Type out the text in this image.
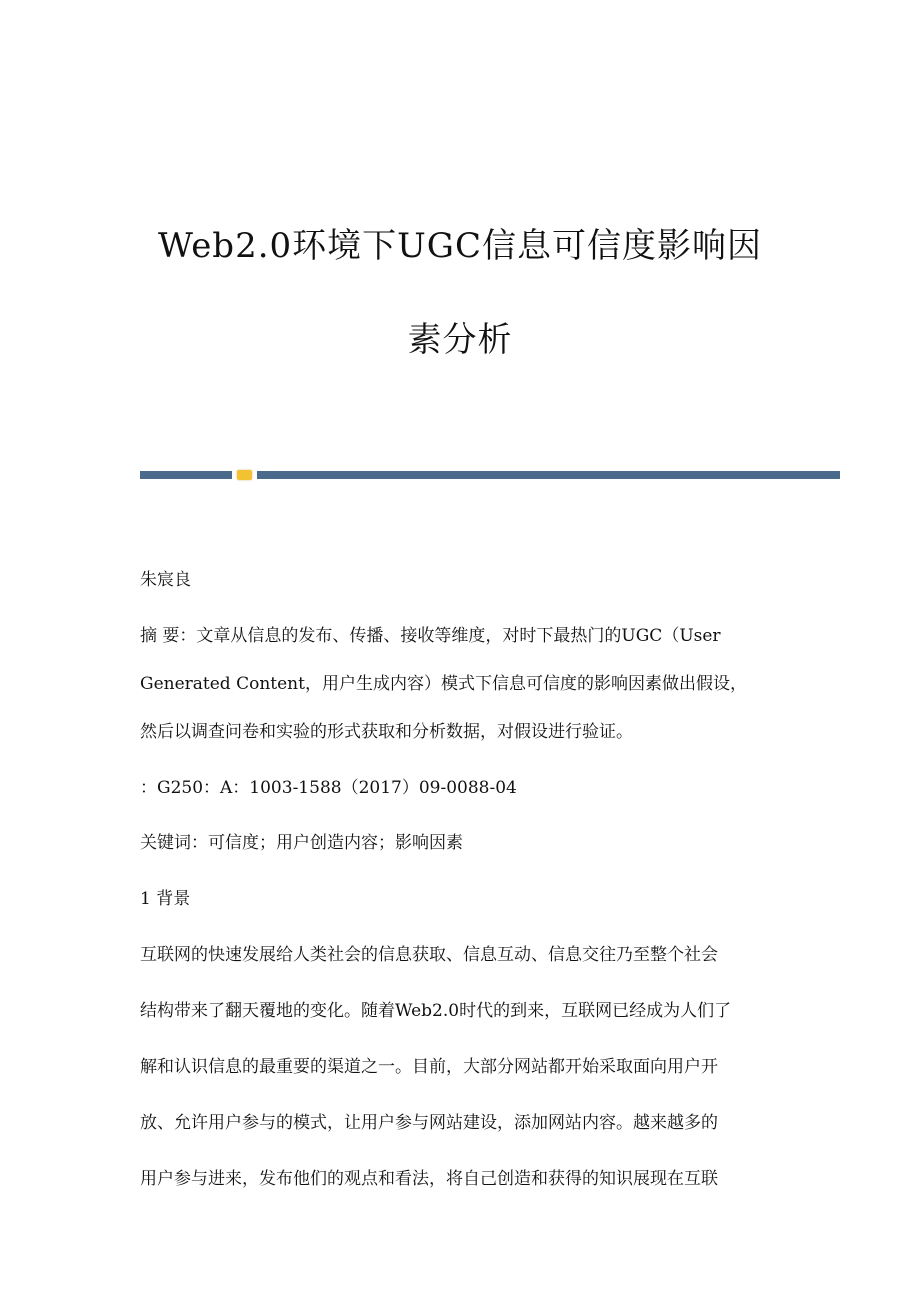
Web2.0环境下UGC信息可信度影响因
素分析
朱宸良
摘 要：文章从信息的发布、传播、接收等维度，对时下最热门的UGC（User
Generated Content，用户生成内容）模式下信息可信度的影响因素做出假设，
然后以调查问卷和实验的形式获取和分析数据，对假设进行验证。
：G250：A：1003-1588（2017）09-0088-04
关键词：可信度；用户创造内容；影响因素
1 背景
互联网的快速发展给人类社会的信息获取、信息互动、信息交往乃至整个社会
结构带来了翻天覆地的变化。随着Web2.0时代的到来，互联网已经成为人们了
解和认识信息的最重要的渠道之一。目前，大部分网站都开始采取面向用户开
放、允许用户参与的模式，让用户参与网站建设，添加网站内容。越来越多的
用户参与进来，发布他们的观点和看法，将自己创造和获得的知识展现在互联
